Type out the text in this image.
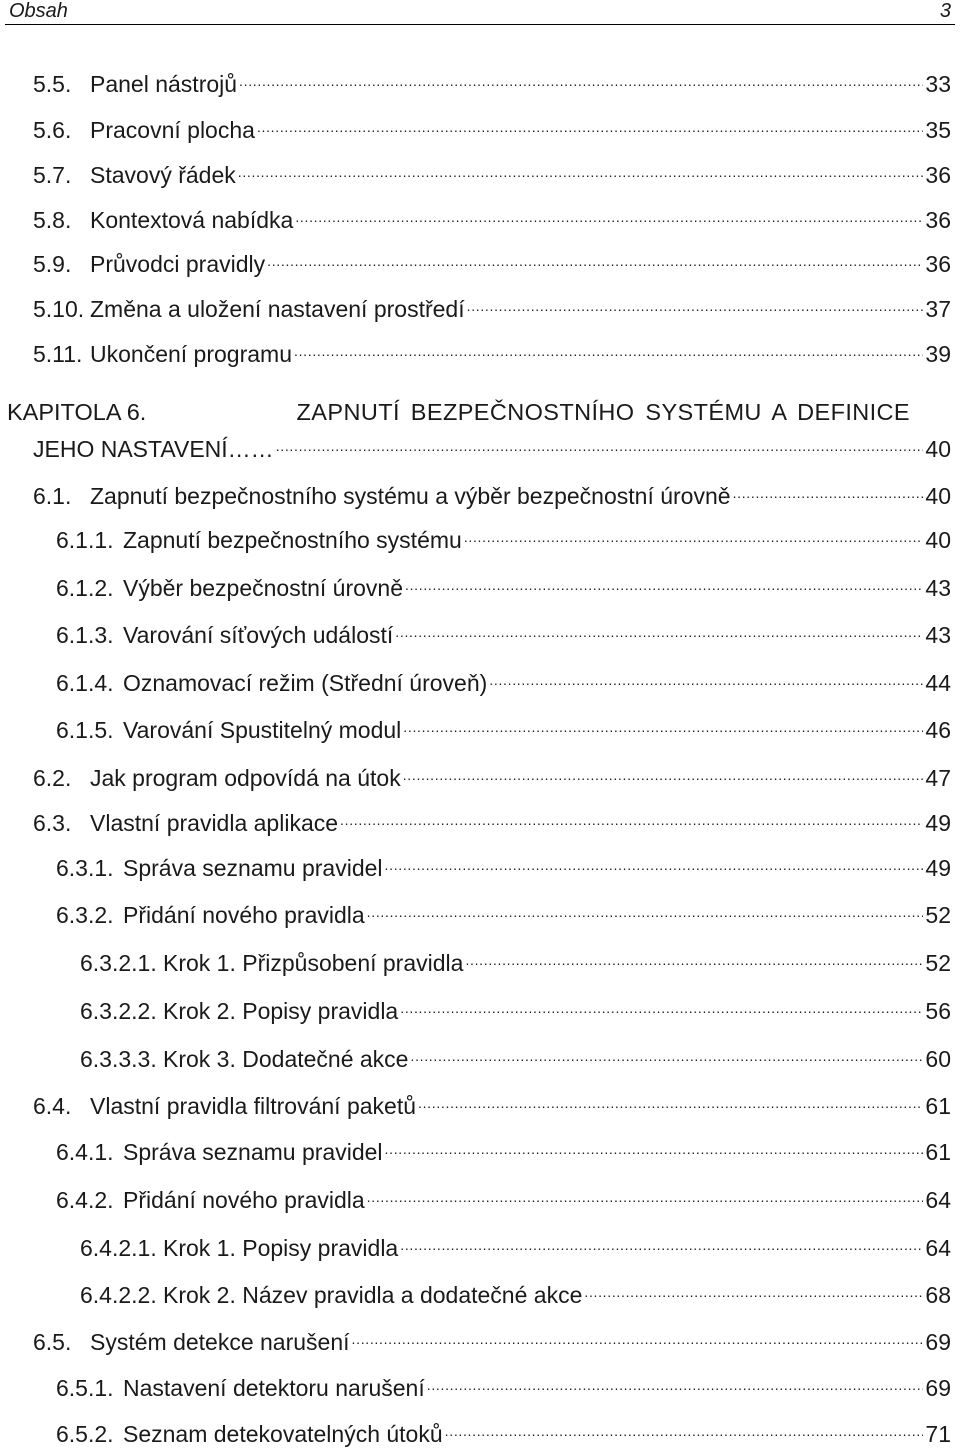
Obsah	3
5.5. Panel nástrojů . . .	33
5.6. Pracovní plocha . . .	35
5.7. Stavový řádek . . .	36
5.8. Kontextová nabídka . . .	36
5.9. Průvodci pravidly . . .	36
5.10. Změna a uložení nastavení prostředí . . .	37
5.11. Ukončení programu . . .	39
KAPITOLA 6.	ZAPNUTÍ BEZPEČNOSTNÍHO SYSTÉMU A DEFINICE
JEHO NASTAVENÍ…… . . .	40
6.1. Zapnutí bezpečnostního systému a výběr bezpečnostní úrovně . . .	40
6.1.1. Zapnutí bezpečnostního systému . . .	40
6.1.2. Výběr bezpečnostní úrovně . . .	43
6.1.3. Varování síťových událostí . . .	43
6.1.4. Oznamovací režim (Střední úroveň) . . .	44
6.1.5. Varování Spustitelný modul . . .	46
6.2. Jak program odpovídá na útok . . .	47
6.3. Vlastní pravidla aplikace . . .	49
6.3.1. Správa seznamu pravidel . . .	49
6.3.2. Přidání nového pravidla . . .	52
6.3.2.1. Krok 1. Přizpůsobení pravidla . . .	52
6.3.2.2. Krok 2. Popisy pravidla . . .	56
6.3.3.3. Krok 3. Dodatečné akce . . .	60
6.4. Vlastní pravidla filtrování paketů . . .	61
6.4.1. Správa seznamu pravidel . . .	61
6.4.2. Přidání nového pravidla . . .	64
6.4.2.1. Krok 1. Popisy pravidla . . .	64
6.4.2.2. Krok 2. Název pravidla a dodatečné akce . . .	68
6.5. Systém detekce narušení . . .	69
6.5.1. Nastavení detektoru narušení . . .	69
6.5.2. Seznam detekovatelných útoků . . .	71
